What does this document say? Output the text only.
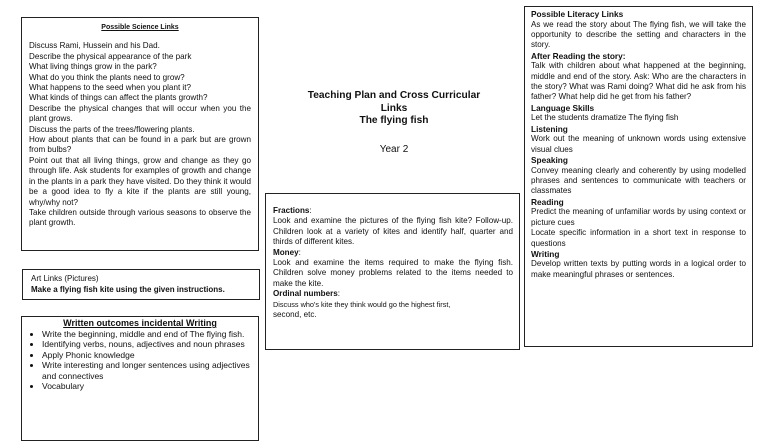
Possible Science Links

Discuss Rami, Hussein and his Dad.

Describe the physical appearance of the park

What living things grow in the park?

What do you think the plants need to grow?

What happens to the seed when you plant it?

What kinds of things can affect the plants growth?

Describe the physical changes that will occur when you the plant grows.

Discuss the parts of the trees/flowering plants.

How about plants that can be found in a park but are grown from bulbs?

Point out that all living things, grow and change as they go through life. Ask students for examples of growth and change in the plants in a park they have visited. Do they think it would be a good idea to fly a kite if the plants are still young, why/why not?

Take children outside through various seasons to observe the plant growth.

Art Links (Pictures)

Make a flying fish kite using the given instructions.

Written outcomes incidental Writing
• Write the beginning, middle and end of The flying fish.
• Identifying verbs, nouns, adjectives and noun phrases
• Apply Phonic knowledge
• Write interesting and longer sentences using adjectives and connectives
• Vocabulary
Teaching Plan and Cross Curricular
Links
The flying fish
Year 2

Fractions:

Look and examine the pictures of the flying fish kite? Follow-up. Children look at a variety of kites and identify half, quarter and thirds of different kites.

Money:

Look and examine the items required to make the flying fish. Children solve money problems related to the items needed to make the kite.

Ordinal numbers:

Discuss who's kite they think would go the highest first,

second, etc.

Possible Literacy Links

As we read the story about The flying fish, we will take the opportunity to describe the setting and characters in the story.

After Reading the story:

Talk with children about what happened at the beginning, middle and end of the story. Ask: Who are the characters in the story? What was Rami doing? What did he ask from his father? What help did he get from his father?

Language Skills

Let the students dramatize The flying fish

Listening

Work out the meaning of unknown words using extensive visual clues

Speaking

Convey meaning clearly and coherently by using modelled phrases and sentences to communicate with teachers or classmates

Reading

Predict the meaning of unfamiliar words by using context or picture cues

Locate specific information in a short text in response to questions

Writing

Develop written texts by putting words in a logical order to make meaningful phrases or sentences.
